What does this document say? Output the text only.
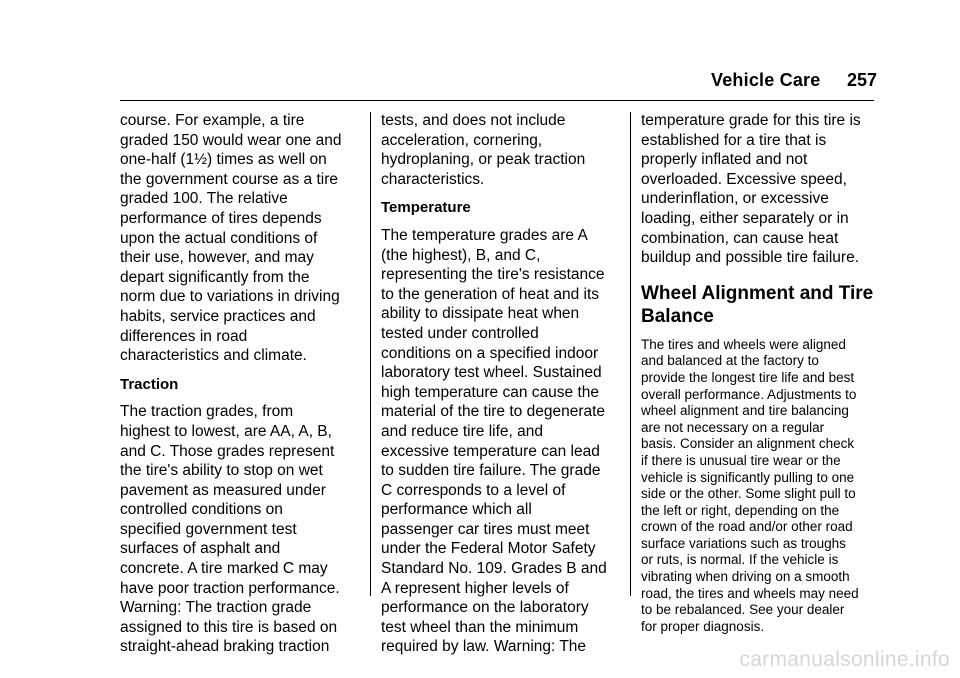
Vehicle Care 257

course. For example, a tire
graded 150 would wear one and
one-half (1½) times as well on
the government course as a tire
graded 100. The relative
performance of tires depends
upon the actual conditions of
their use, however, and may
depart significantly from the
norm due to variations in driving
habits, service practices and
differences in road
characteristics and climate.

Traction

The traction grades, from
highest to lowest, are AA, A, B,
and C. Those grades represent
the tire's ability to stop on wet
pavement as measured under
controlled conditions on
specified government test
surfaces of asphalt and
concrete. A tire marked C may
have poor traction performance.
Warning: The traction grade
assigned to this tire is based on
straight-ahead braking traction

tests, and does not include
acceleration, cornering,
hydroplaning, or peak traction
characteristics.

Temperature

The temperature grades are A
(the highest), B, and C,
representing the tire's resistance
to the generation of heat and its
ability to dissipate heat when
tested under controlled
conditions on a specified indoor
laboratory test wheel. Sustained
high temperature can cause the
material of the tire to degenerate
and reduce tire life, and
excessive temperature can lead
to sudden tire failure. The grade
C corresponds to a level of
performance which all
passenger car tires must meet
under the Federal Motor Safety
Standard No. 109. Grades B and
A represent higher levels of
performance on the laboratory
test wheel than the minimum
required by law. Warning: The

temperature grade for this tire is
established for a tire that is
properly inflated and not
overloaded. Excessive speed,
underinflation, or excessive
loading, either separately or in
combination, can cause heat
buildup and possible tire failure.

Wheel Alignment and Tire Balance

The tires and wheels were aligned
and balanced at the factory to
provide the longest tire life and best
overall performance. Adjustments to
wheel alignment and tire balancing
are not necessary on a regular
basis. Consider an alignment check
if there is unusual tire wear or the
vehicle is significantly pulling to one
side or the other. Some slight pull to
the left or right, depending on the
crown of the road and/or other road
surface variations such as troughs
or ruts, is normal. If the vehicle is
vibrating when driving on a smooth
road, the tires and wheels may need
to be rebalanced. See your dealer
for proper diagnosis.

carmanualsonline.info
